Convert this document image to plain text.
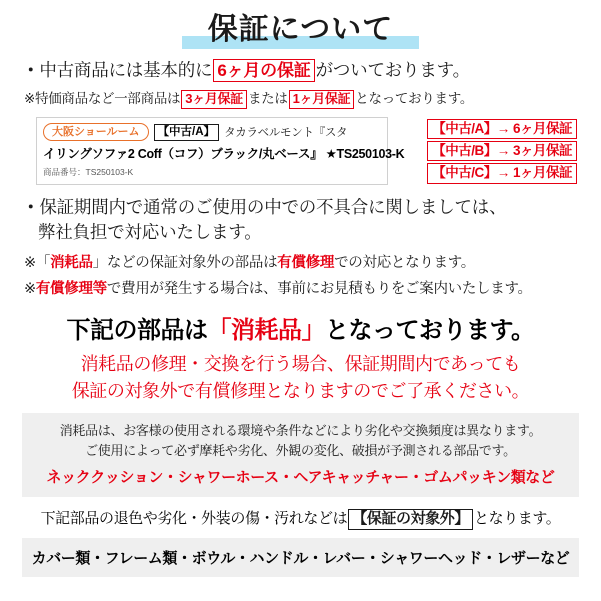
保証について
・中古商品には基本的に 6ヶ月の保証 がついております。
※特価商品など一部商品は 3ヶ月保証 または 1ヶ月保証 となっております。
大阪ショールーム	【中古/A】 タカラベルモント『スタ
イリングソファ2 Coff（コフ）ブラック/丸ベース』 ★TS250103-K
商品番号：TS250103-K
【中古/A】→ 6ヶ月保証
【中古/B】→ 3ヶ月保証
【中古/C】→ 1ヶ月保証
・保証期間内で通常のご使用の中での不具合に関しましては、
弊社負担で対応いたします。
※「消耗品」などの保証対象外の部品は有償修理での対応となります。
※有償修理等で費用が発生する場合は、事前にお見積もりをご案内いたします。
下記の部品は「消耗品」となっております。
消耗品の修理・交換を行う場合、保証期間内であっても
保証の対象外で有償修理となりますのでご了承ください。
消耗品は、お客様の使用される環境や条件などにより劣化や交換頻度は異なります。
ご使用によって必ず摩耗や劣化、外観の変化、破損が予測される部品です。
ネッククッション・シャワーホース・ヘアキャッチャー・ゴムパッキン類など
下記部品の退色や劣化・外装の傷・汚れなどは 【保証の対象外】 となります。
カバー類・フレーム類・ボウル・ハンドル・レバー・シャワーヘッド・レザーなど
